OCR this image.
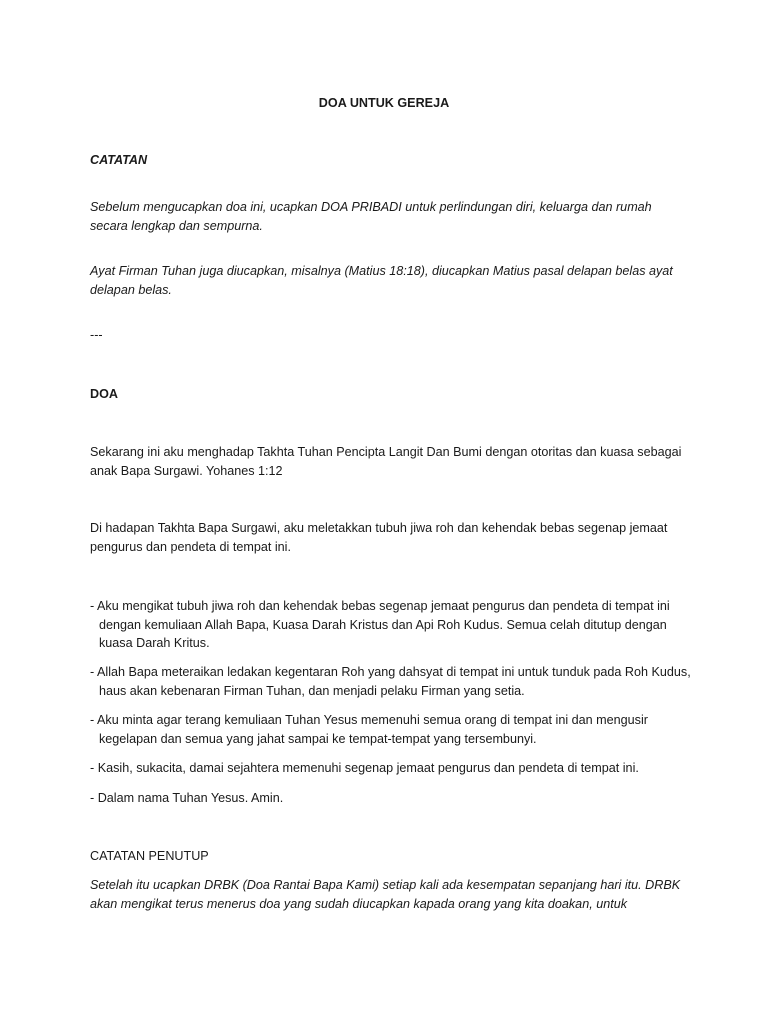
DOA UNTUK GEREJA

CATATAN

Sebelum mengucapkan doa ini, ucapkan DOA PRIBADI untuk perlindungan diri, keluarga dan rumah secara lengkap dan sempurna.

Ayat Firman Tuhan juga diucapkan, misalnya (Matius 18:18), diucapkan Matius pasal delapan belas ayat delapan belas.

---

DOA

Sekarang ini aku menghadap Takhta Tuhan Pencipta Langit Dan Bumi dengan otoritas dan kuasa sebagai anak Bapa Surgawi. Yohanes 1:12

Di hadapan Takhta Bapa Surgawi, aku meletakkan tubuh jiwa roh dan kehendak bebas segenap jemaat pengurus dan pendeta di tempat ini.

- Aku mengikat tubuh jiwa roh dan kehendak bebas segenap jemaat pengurus dan pendeta di tempat ini dengan kemuliaan Allah Bapa, Kuasa Darah Kristus dan Api Roh Kudus. Semua celah ditutup dengan kuasa Darah Kritus.

- Allah Bapa meteraikan ledakan kegentaran Roh yang dahsyat di tempat ini untuk tunduk pada Roh Kudus, haus akan kebenaran Firman Tuhan, dan menjadi pelaku Firman yang setia.

- Aku minta agar terang kemuliaan Tuhan Yesus memenuhi semua orang di tempat ini dan mengusir kegelapan dan semua yang jahat sampai ke tempat-tempat yang tersembunyi.

- Kasih, sukacita, damai sejahtera memenuhi segenap jemaat pengurus dan pendeta di tempat ini.

- Dalam nama Tuhan Yesus. Amin.

CATATAN PENUTUP

Setelah itu ucapkan DRBK (Doa Rantai Bapa Kami) setiap kali ada kesempatan sepanjang hari itu. DRBK akan mengikat terus menerus doa yang sudah diucapkan kapada orang yang kita doakan, untuk
